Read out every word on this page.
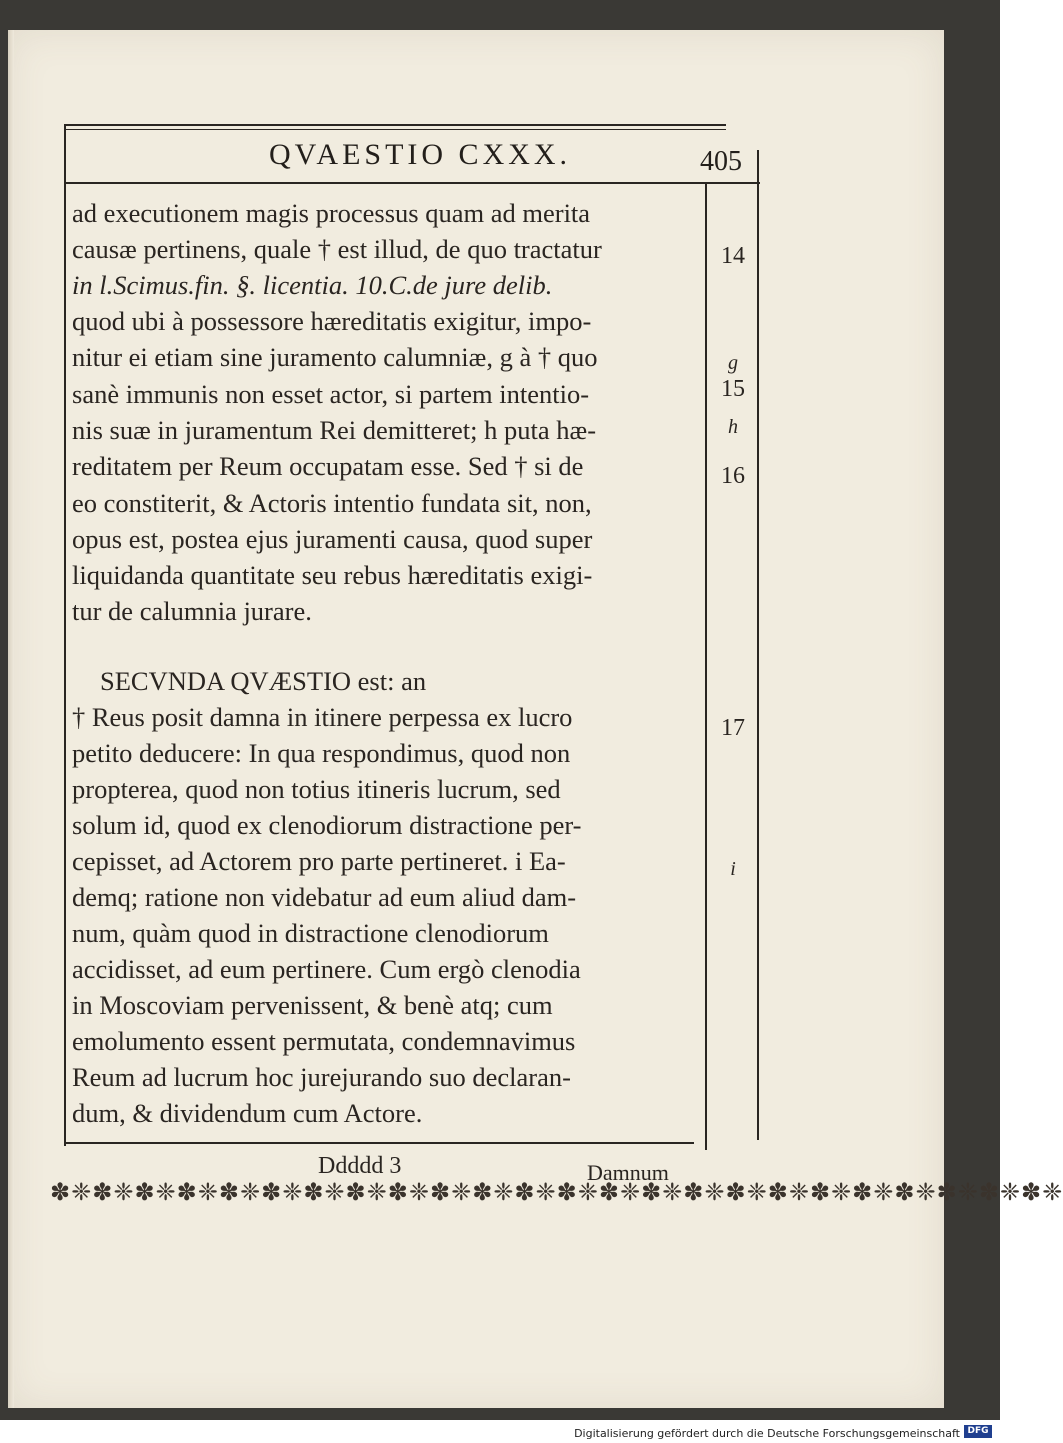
QVAESTIO CXXX.	405
ad executionem magis processus quam ad merita
causæ pertinens, quale † est illud, de quo tractatur
in l.Scimus.fin. §. licentia. 10.C.de jure delib.
quod ubi à possessore hæreditatis exigitur, impo-
nitur ei etiam sine juramento calumniæ, g à † quo
sanè immunis non esset actor, si partem intentio-
nis suæ in juramentum Rei demitteret; h puta hæ-
reditatem per Reum occupatam esse. Sed † si de
eo constiterit, & Actoris intentio fundata sit, non,
opus est, postea ejus juramenti causa, quod super
liquidanda quantitate seu rebus hæreditatis exigi-
tur de calumnia jurare.
SECVNDA QVÆSTIO est: an
† Reus posit damna in itinere perpessa ex lucro
petito deducere: In qua respondimus, quod non
propterea, quod non totius itineris lucrum, sed
solum id, quod ex clenodiorum distractione per-
cepisset, ad Actorem pro parte pertineret. i Ea-
demq; ratione non videbatur ad eum aliud dam-
num, quàm quod in distractione clenodiorum
accidisset, ad eum pertinere. Cum ergò clenodia
in Moscoviam pervenissent, & benè atq; cum
emolumento essent permutata, condemnavimus
Reum ad lucrum hoc jurejurando suo declaran-
dum, & dividendum cum Actore.
14
g
15
h
16
17
i
Ddddd 3	Damnum
✽❈✽❈✽❈✽❈✽❈✽❈✽❈✽❈✽❈✽❈✽❈✽❈✽❈✽❈✽❈✽❈✽❈✽❈✽❈✽❈✽❈✽❈✽❈✽❈
Digitalisierung gefördert durch die Deutsche Forschungsgemeinschaft DFG
